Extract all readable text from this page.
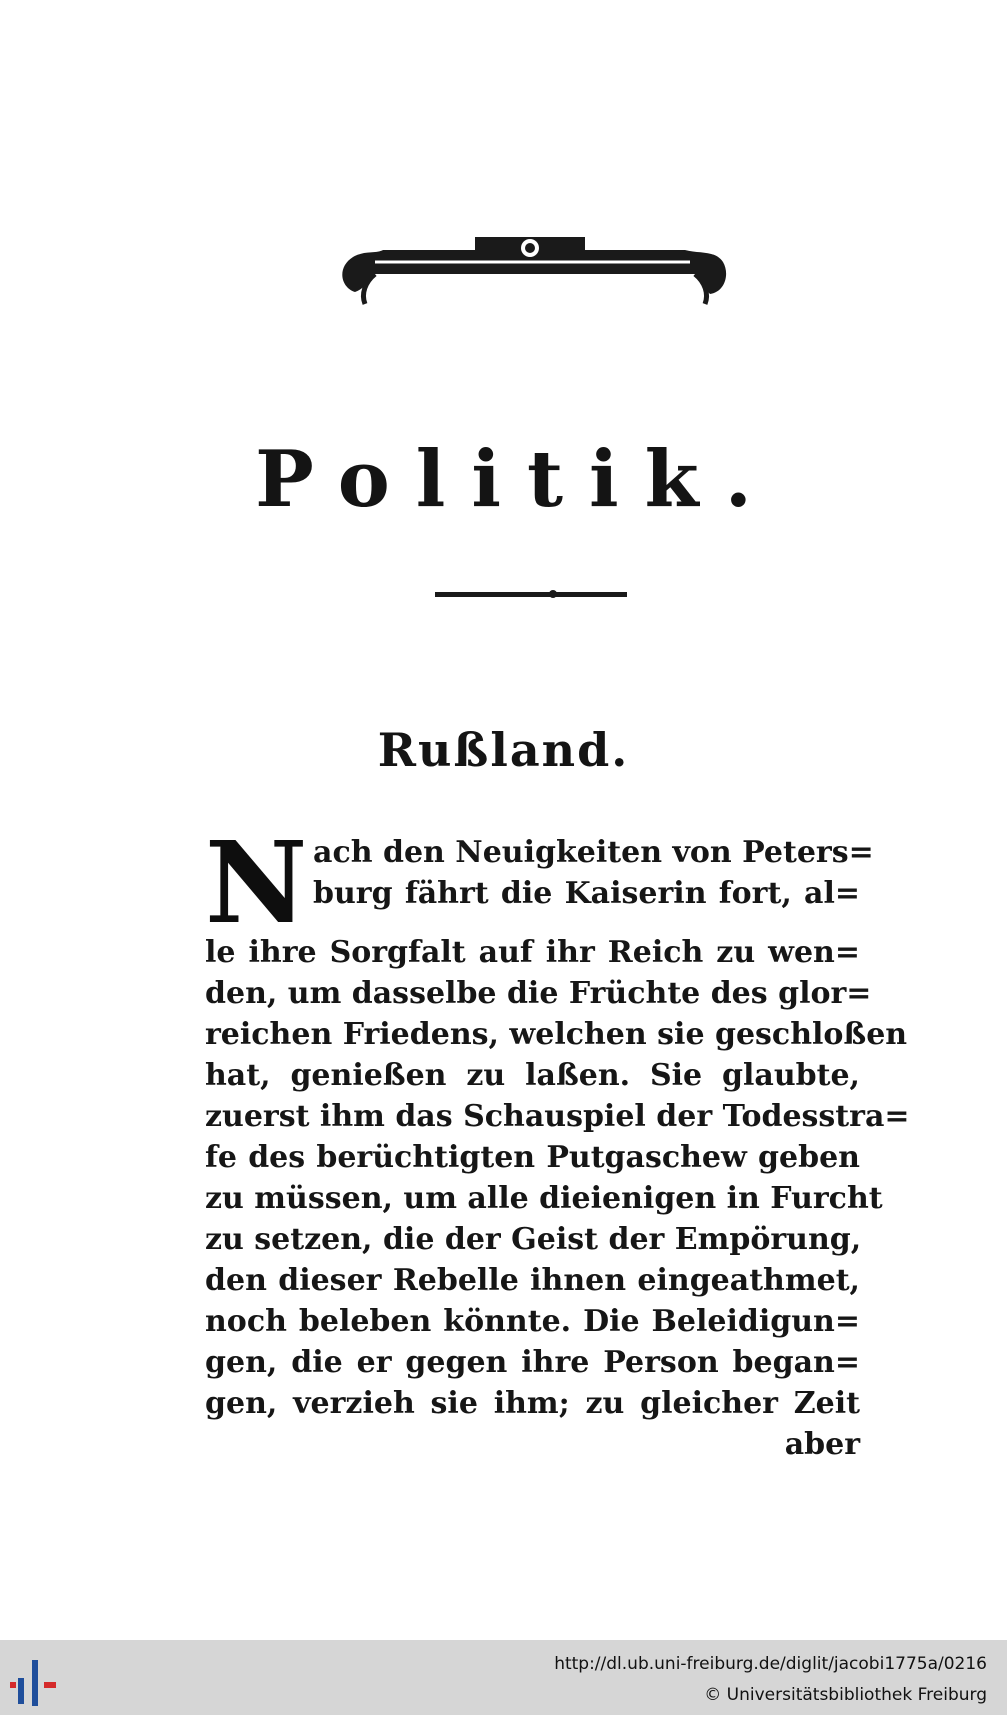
Politik.
Rußland.
N ach den Neuigkeiten von Peters=
burg fährt die Kaiserin fort, al=
le ihre Sorgfalt auf ihr Reich zu wen=
den, um dasselbe die Früchte des glor=
reichen Friedens, welchen sie geschloßen
hat, genießen zu laßen. Sie glaubte,
zuerst ihm das Schauspiel der Todesstra=
fe des berüchtigten Putgaschew geben
zu müssen, um alle dieienigen in Furcht
zu setzen, die der Geist der Empörung,
den dieser Rebelle ihnen eingeathmet,
noch beleben könnte. Die Beleidigun=
gen, die er gegen ihre Person began=
gen, verzieh sie ihm; zu gleicher Zeit
aber
http://dl.ub.uni-freiburg.de/diglit/jacobi1775a/0216
© Universitätsbibliothek Freiburg
